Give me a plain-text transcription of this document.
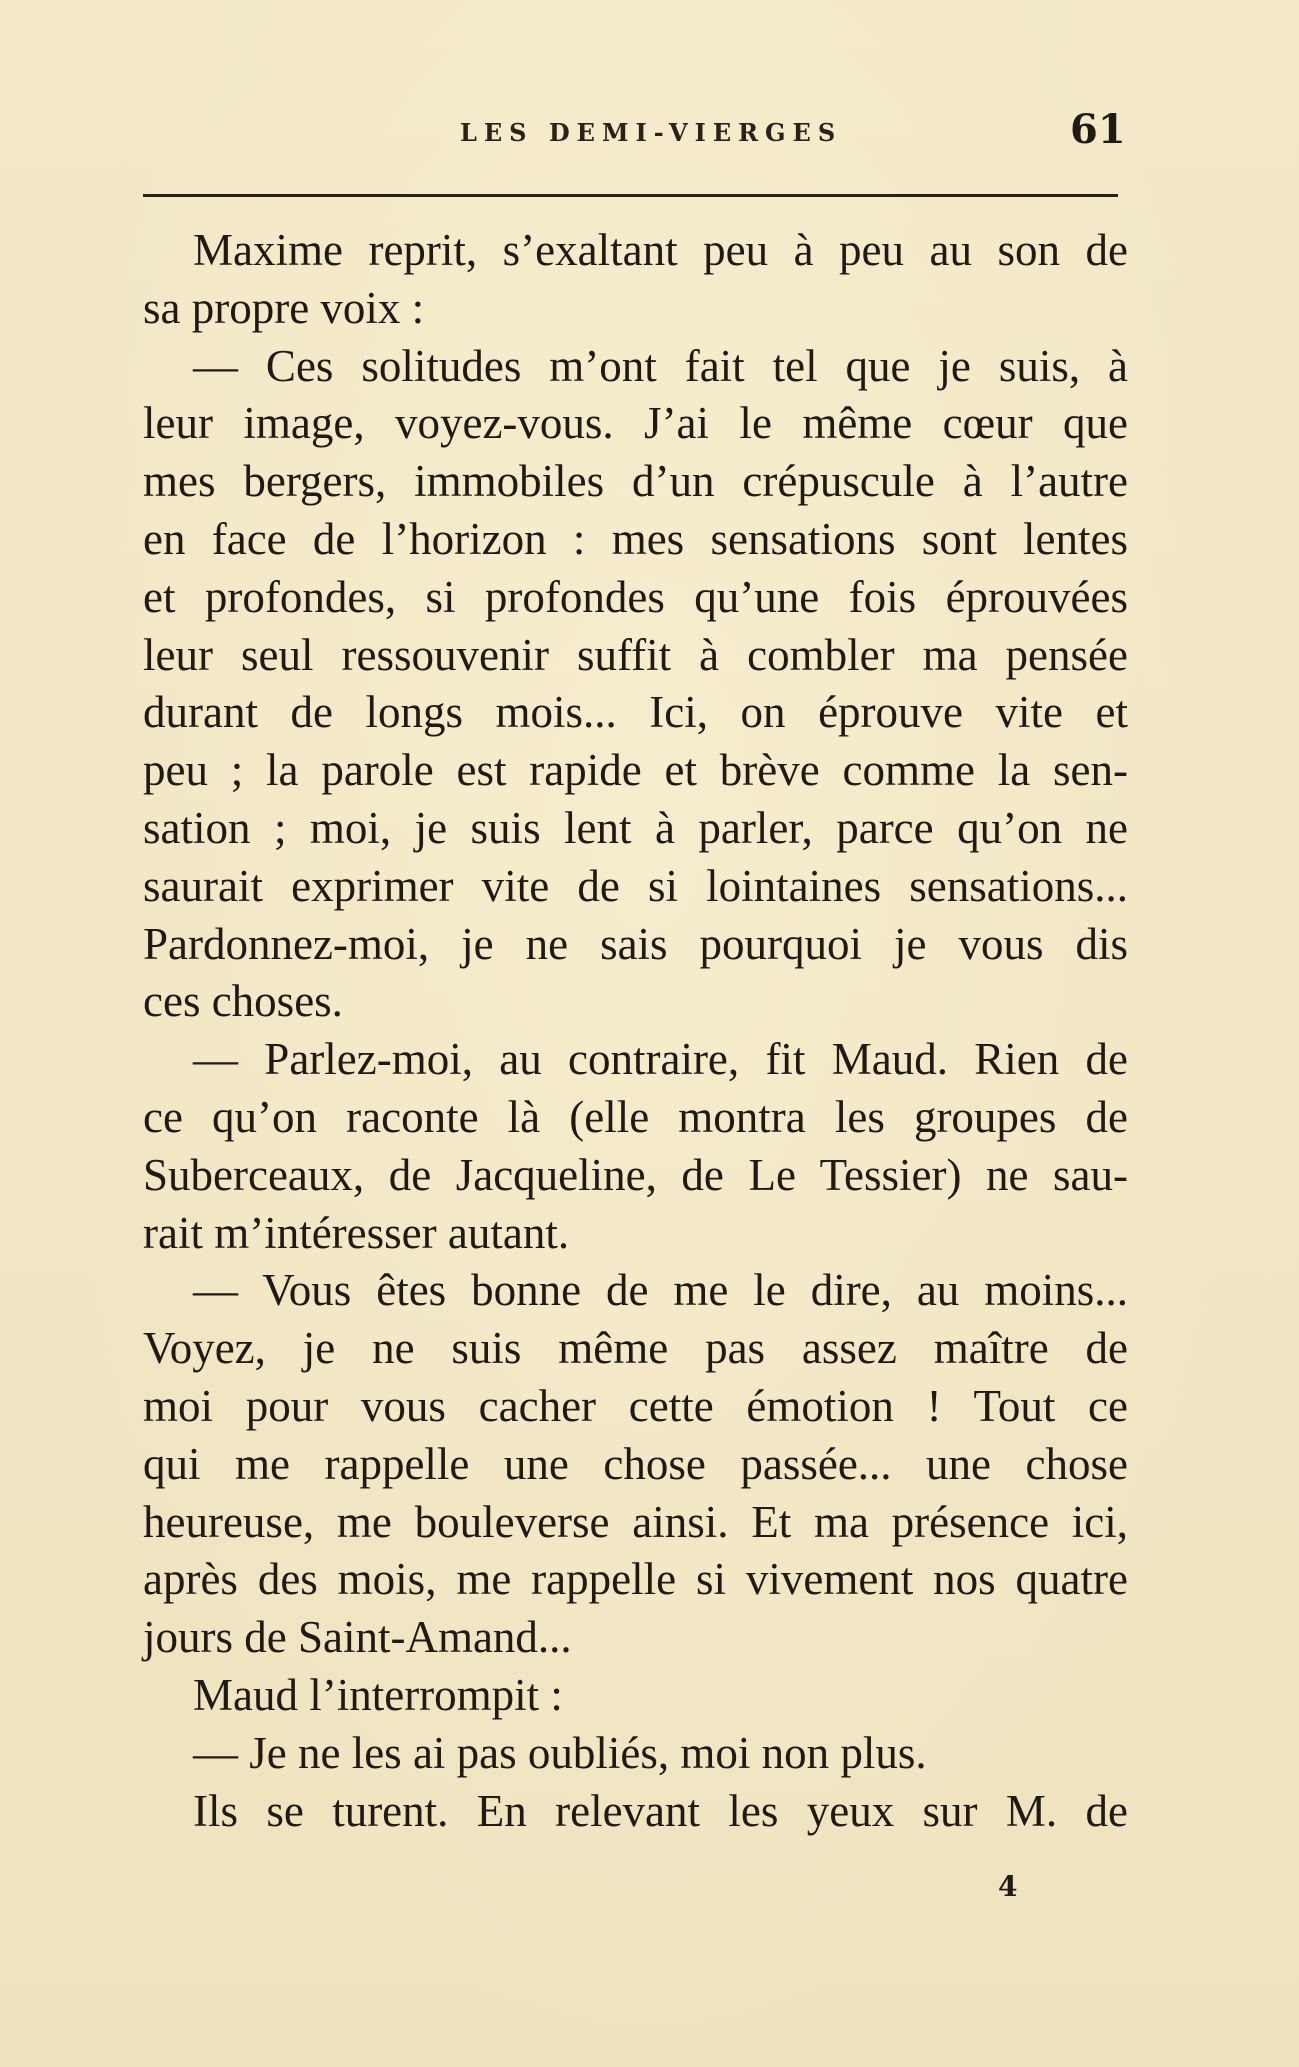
LES DEMI-VIERGES	61
Maxime reprit, s’exaltant peu à peu au son de
sa propre voix :
— Ces solitudes m’ont fait tel que je suis, à
leur image, voyez-vous. J’ai le même cœur que
mes bergers, immobiles d’un crépuscule à l’autre
en face de l’horizon : mes sensations sont lentes
et profondes, si profondes qu’une fois éprouvées
leur seul ressouvenir suffit à combler ma pensée
durant de longs mois... Ici, on éprouve vite et
peu ; la parole est rapide et brève comme la sen-
sation ; moi, je suis lent à parler, parce qu’on ne
saurait exprimer vite de si lointaines sensations...
Pardonnez-moi, je ne sais pourquoi je vous dis
ces choses.
— Parlez-moi, au contraire, fit Maud. Rien de
ce qu’on raconte là (elle montra les groupes de
Suberceaux, de Jacqueline, de Le Tessier) ne sau-
rait m’intéresser autant.
— Vous êtes bonne de me le dire, au moins...
Voyez, je ne suis même pas assez maître de
moi pour vous cacher cette émotion ! Tout ce
qui me rappelle une chose passée... une chose
heureuse, me bouleverse ainsi. Et ma présence ici,
après des mois, me rappelle si vivement nos quatre
jours de Saint-Amand...
Maud l’interrompit :
— Je ne les ai pas oubliés, moi non plus.
Ils se turent. En relevant les yeux sur M. de
4
